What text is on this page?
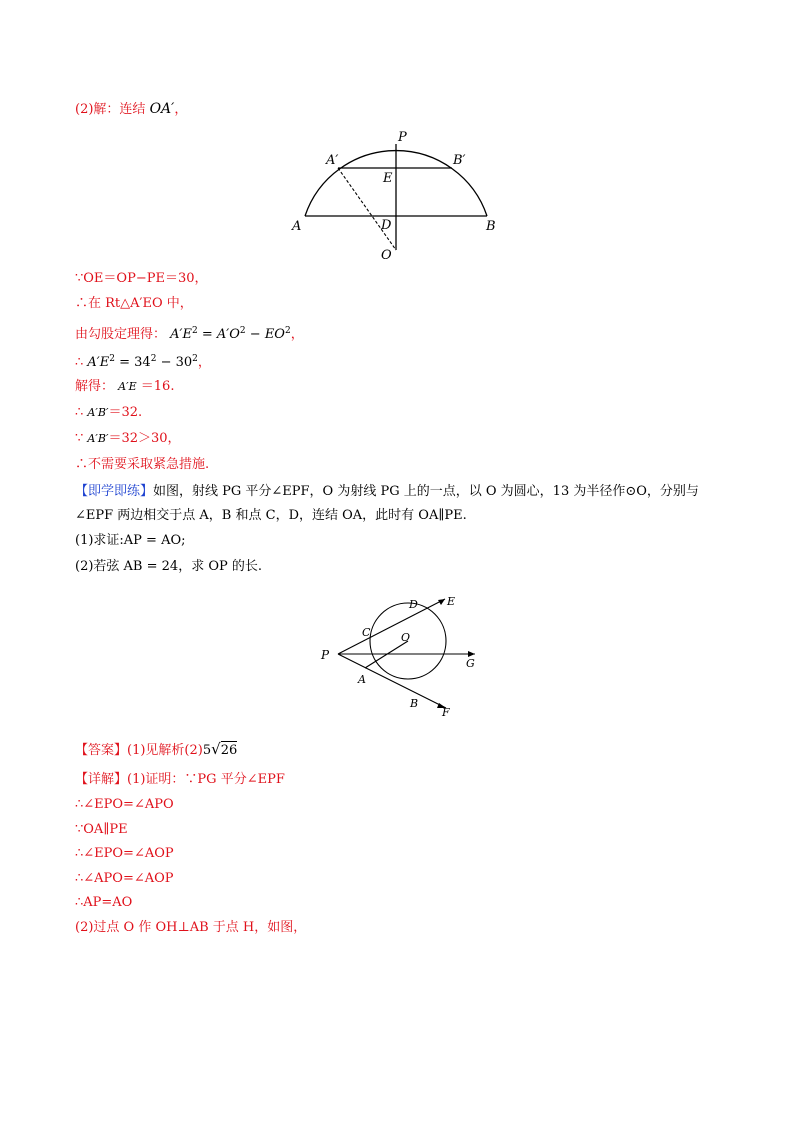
(2)解：连结 OA′，
P
A′	B′
E
A	D	B
O
∵OE＝OP−PE＝30，
∴在 Rt△A′EO 中，
由勾股定理得： $A'E^2 = A'O^2 - EO^2$，
∴ $A'E^2 = 34^2 - 30^2$，
解得： A′E ＝16.
∴ A′B′＝32.
∵ A′B′＝32＞30，
∴不需要采取紧急措施.
【即学即练】如图，射线 PG 平分∠EPF，O 为射线 PG 上的一点，以 O 为圆心，13 为半径作⊙O，分别与∠EPF 两边相交于点 A，B 和点 C，D，连结 OA，此时有 OA∥PE.
(1)求证:AP = AO;
(2)若弦 AB = 24，求 OP 的长.
P
C
D	E
O
G
A
B
F
【答案】(1)见解析(2)5√26
【详解】(1)证明：∵PG 平分∠EPF
∴∠EPO=∠APO
∵OA∥PE
∴∠EPO=∠AOP
∴∠APO=∠AOP
∴AP=AO
(2)过点 O 作 OH⊥AB 于点 H，如图，
